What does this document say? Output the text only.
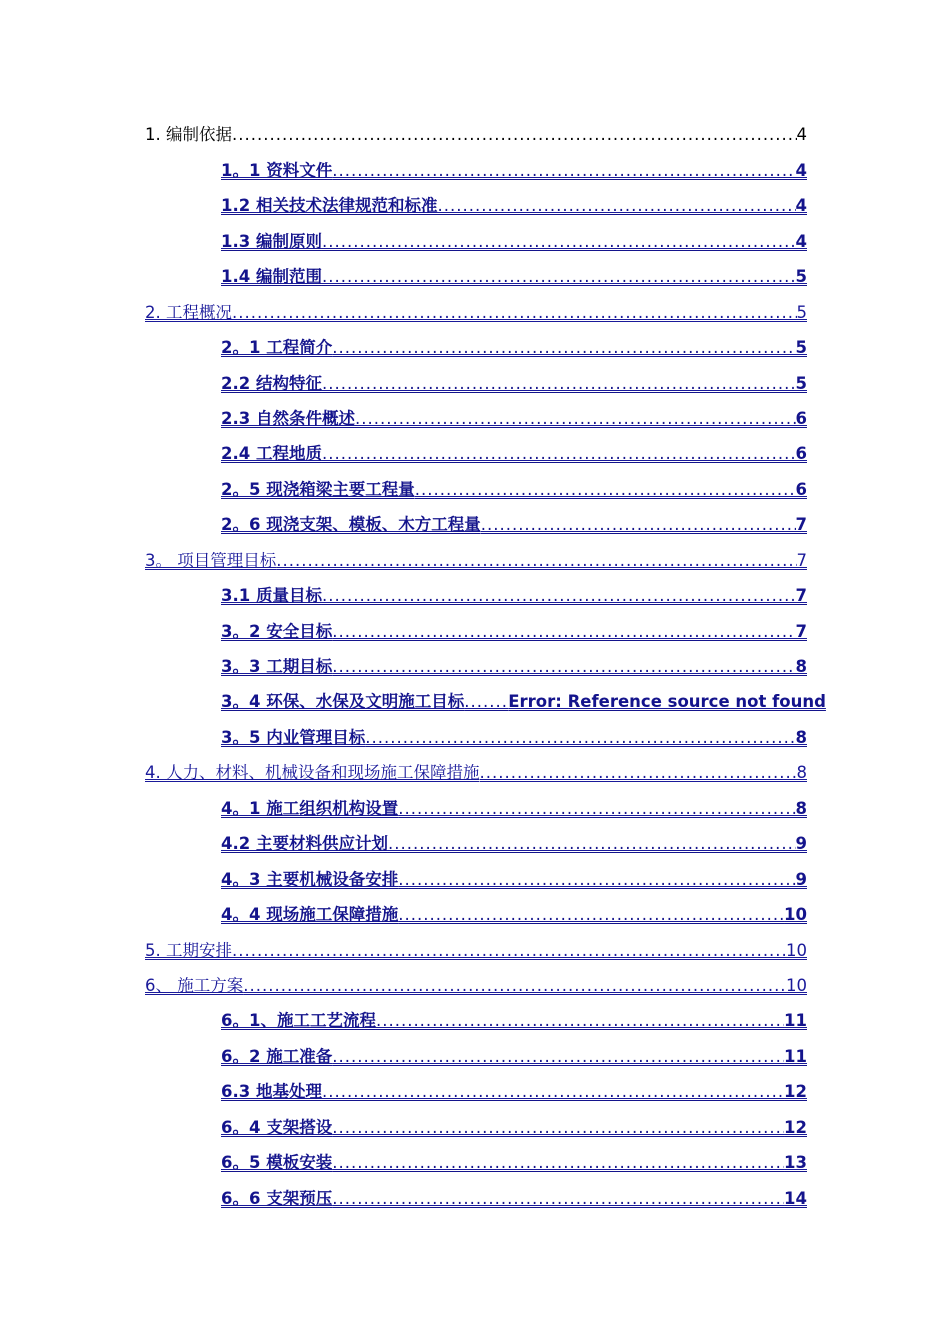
1. 编制依据 .....	4
1。1 资料文件 .....	4
1.2 相关技术法律规范和标准 .....	4
1.3 编制原则 .....	4
1.4 编制范围 .....	5
2. 工程概况 .....	5
2。1 工程简介 .....	5
2.2 结构特征 .....	5
2.3 自然条件概述 .....	6
2.4 工程地质 .....	6
2。5 现浇箱梁主要工程量 .....	6
2。6 现浇支架、模板、木方工程量 .....	7
3。 项目管理目标 .....	7
3.1 质量目标 .....	7
3。2 安全目标 .....	7
3。3 工期目标 .....	8
3。4 环保、水保及文明施工目标 .....	Error: Reference source not found
3。5 内业管理目标 .....	8
4. 人力、材料、机械设备和现场施工保障措施 .....	8
4。1 施工组织机构设置 .....	8
4.2 主要材料供应计划 .....	9
4。3 主要机械设备安排 .....	9
4。4 现场施工保障措施 .....	10
5. 工期安排 .....	10
6、 施工方案 .....	10
6。1、施工工艺流程 .....	11
6。2 施工准备 .....	11
6.3 地基处理 .....	12
6。4 支架搭设 .....	12
6。5 模板安装 .....	13
6。6 支架预压 .....	14
